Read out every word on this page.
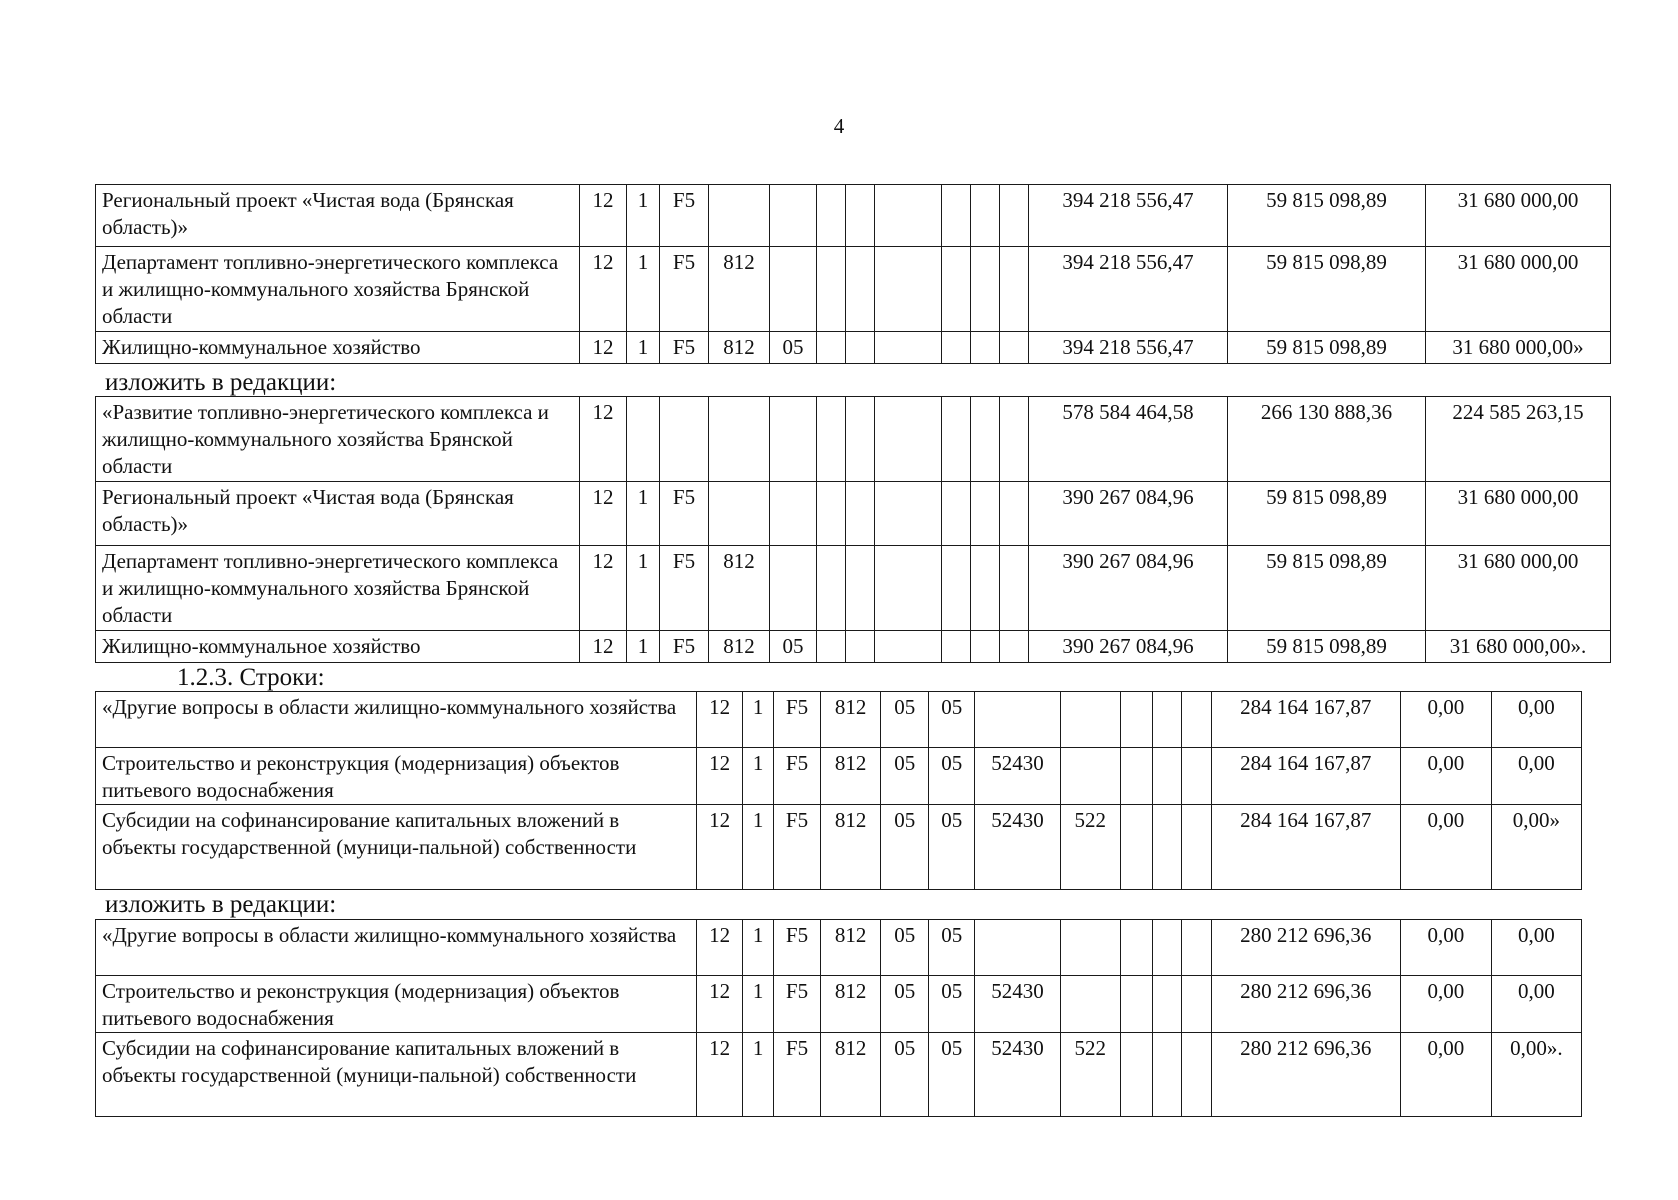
4
Региональный проект «Чистая вода (Брянская область)»	12	1	F5									394 218 556,47	59 815 098,89	31 680 000,00
Департамент топливно-энергетического комплекса и жилищно-коммунального хозяйства Брянской области	12	1	F5	812								394 218 556,47	59 815 098,89	31 680 000,00
Жилищно-коммунальное хозяйство	12	1	F5	812	05							394 218 556,47	59 815 098,89	31 680 000,00»
изложить в редакции:
«Развитие топливно-энергетического комплекса и жилищно-коммунального хозяйства Брянской области	12											578 584 464,58	266 130 888,36	224 585 263,15
Региональный проект «Чистая вода (Брянская область)»	12	1	F5									390 267 084,96	59 815 098,89	31 680 000,00
Департамент топливно-энергетического комплекса и жилищно-коммунального хозяйства Брянской области	12	1	F5	812								390 267 084,96	59 815 098,89	31 680 000,00
Жилищно-коммунальное хозяйство	12	1	F5	812	05							390 267 084,96	59 815 098,89	31 680 000,00».
1.2.3. Строки:
«Другие вопросы в области жилищно-коммунального хозяйства	12	1	F5	812	05	05						284 164 167,87	0,00	0,00
Строительство и реконструкция (модернизация) объектов питьевого водоснабжения	12	1	F5	812	05	05	52430					284 164 167,87	0,00	0,00
Субсидии на софинансирование капитальных вложений в объекты государственной (муници-пальной) собственности	12	1	F5	812	05	05	52430	522				284 164 167,87	0,00	0,00»
изложить в редакции:
«Другие вопросы в области жилищно-коммунального хозяйства	12	1	F5	812	05	05						280 212 696,36	0,00	0,00
Строительство и реконструкция (модернизация) объектов питьевого водоснабжения	12	1	F5	812	05	05	52430					280 212 696,36	0,00	0,00
Субсидии на софинансирование капитальных вложений в объекты государственной (муници-пальной) собственности	12	1	F5	812	05	05	52430	522				280 212 696,36	0,00	0,00».
